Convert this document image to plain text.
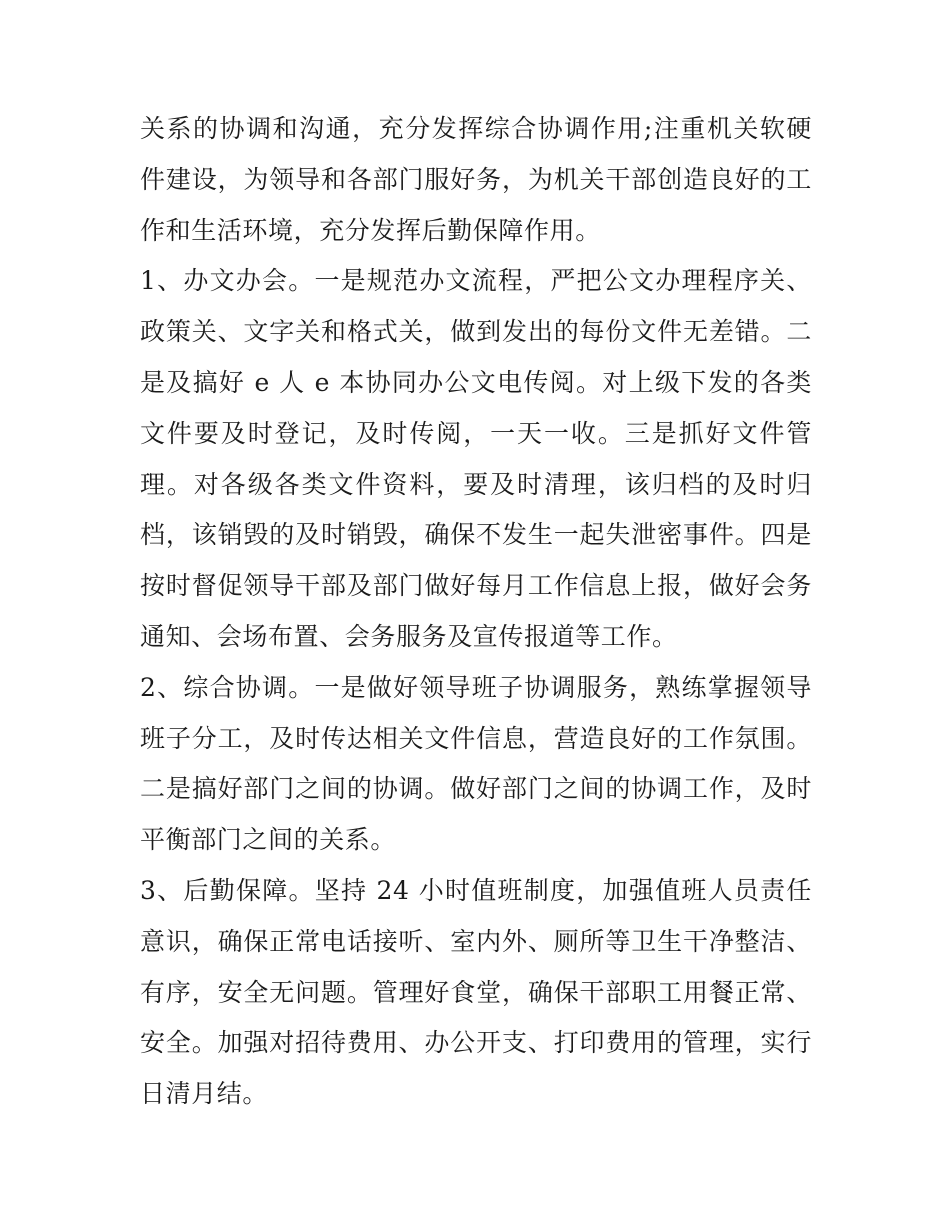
关系的协调和沟通，充分发挥综合协调作用;注重机关软硬件建设，为领导和各部门服好务，为机关干部创造良好的工作和生活环境，充分发挥后勤保障作用。

1、办文办会。一是规范办文流程，严把公文办理程序关、政策关、文字关和格式关，做到发出的每份文件无差错。二是及搞好 e 人 e 本协同办公文电传阅。对上级下发的各类文件要及时登记，及时传阅，一天一收。三是抓好文件管理。对各级各类文件资料，要及时清理，该归档的及时归档，该销毁的及时销毁，确保不发生一起失泄密事件。四是按时督促领导干部及部门做好每月工作信息上报，做好会务通知、会场布置、会务服务及宣传报道等工作。

2、综合协调。一是做好领导班子协调服务，熟练掌握领导班子分工，及时传达相关文件信息，营造良好的工作氛围。二是搞好部门之间的协调。做好部门之间的协调工作，及时平衡部门之间的关系。

3、后勤保障。坚持 24 小时值班制度，加强值班人员责任意识，确保正常电话接听、室内外、厕所等卫生干净整洁、有序，安全无问题。管理好食堂，确保干部职工用餐正常、安全。加强对招待费用、办公开支、打印费用的管理，实行日清月结。
